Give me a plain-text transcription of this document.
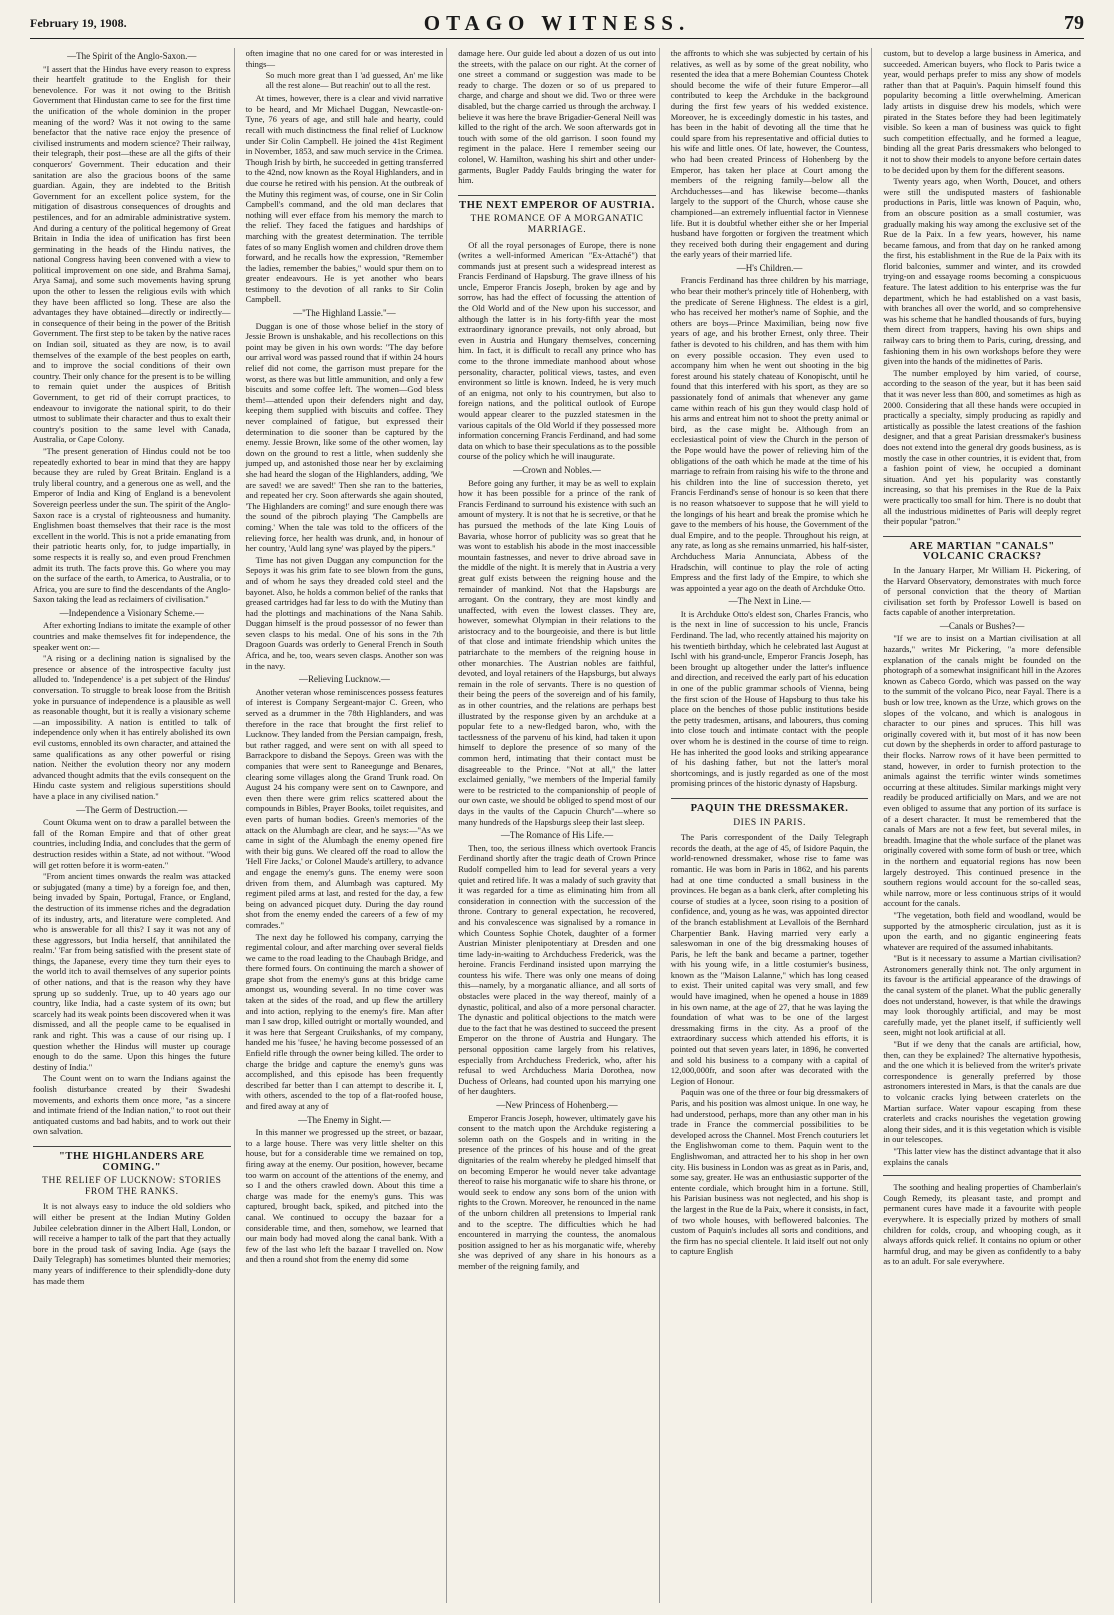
February 19, 1908.	OTAGO WITNESS.	79
—The Spirit of the Anglo-Saxon.—

"I assert that the Hindus have every reason to express their heartfelt gratitude to the English for their benevolence. For was it not owing to the British Government that Hindustan came to see for the first time the unification of the whole dominion in the proper meaning of the word? Was it not owing to the same benefactor that the native race enjoy the presence of civilised instruments and modern science? Their railway, their telegraph, their post—these are all the gifts of their conquerors' Government. Their education and their sanitation are also the gracious boons of the same guardian. Again, they are indebted to the British Government for an excellent police system, for the mitigation of disastrous consequences of droughts and pestilences, and for an admirable administrative system. And during a century of the political hegemony of Great Britain in India the idea of unification has first been germinating in the heads of the Hindu natives, the national Congress having been convened with a view to political improvement on one side, and Brahma Samaj, Arya Samaj, and some such movements having sprung upon the other to lessen the religious evils with which they have been afflicted so long. These are also the advantages they have obtained—directly or indirectly—in consequence of their being in the power of the British Government. The first step to be taken by the native races on Indian soil, situated as they are now, is to avail themselves of the example of the best peoples on earth, and to improve the social conditions of their own country. Their only chance for the present is to be willing to remain quiet under the auspices of British Government, to get rid of their corrupt practices, to endeavour to invigorate the national spirit, to do their utmost to sublimate their character and thus to exalt their country's position to the same level with Canada, Australia, or Cape Colony.

"The present generation of Hindus could not be too repeatedly exhorted to bear in mind that they are happy because they are ruled by Great Britain. England is a truly liberal country, and a generous one as well, and the Emperor of India and King of England is a benevolent Sovereign peerless under the sun. The spirit of the Anglo-Saxon race is a crystal of righteousness and humanity. Englishmen boast themselves that their race is the most excellent in the world. This is not a pride emanating from their patriotic hearts only, for, to judge impartially, in some respects it is really so, and even proud Frenchmen admit its truth. The facts prove this. Go where you may on the surface of the earth, to America, to Australia, or to Africa, you are sure to find the descendants of the Anglo-Saxon taking the lead as reclaimers of civilisation."

—Independence a Visionary Scheme.—

After exhorting Indians to imitate the example of other countries and make themselves fit for independence, the speaker went on:—

"A rising or a declining nation is signalised by the presence or absence of the introspective faculty just alluded to. 'Independence' is a pet subject of the Hindus' conversation. To struggle to break loose from the British yoke in pursuance of independence is a plausible as well as reasonable thought, but it is really a visionary scheme—an impossibility. A nation is entitled to talk of independence only when it has entirely abolished its own evil customs, ennobled its own character, and attained the same qualifications as any other powerful or rising nation. Neither the evolution theory nor any modern advanced thought admits that the evils consequent on the Hindu caste system and religious superstitions should have a place in any civilised nation."

—The Germ of Destruction.—

Count Okuma went on to draw a parallel between the fall of the Roman Empire and that of other great countries, including India, and concludes that the germ of destruction resides within a State, ad not without. "Wood will get rotten before it is worm-eaten."

"From ancient times onwards the realm was attacked or subjugated (many a time) by a foreign foe, and then, being invaded by Spain, Portugal, France, or England, the destruction of its immense riches and the degradation of its industry, arts, and literature were completed. And who is answerable for all this? I say it was not any of these aggressors, but India herself, that annihilated the realm.' 'Far from being satisfied with the present state of things, the Japanese, every time they turn their eyes to the world itch to avail themselves of any superior points of other nations, and that is the reason why they have sprung up so suddenly. True, up to 40 years ago our country, like India, had a caste system of its own; but scarcely had its weak points been discovered when it was dismissed, and all the people came to be equalised in rank and right. This was a cause of our rising up. I question whether the Hindus will muster up courage enough to do the same. Upon this hinges the future destiny of India."

The Count went on to warn the Indians against the foolish disturbance created by their Swadeshi movements, and exhorts them once more, "as a sincere and intimate friend of the Indian nation," to root out their antiquated customs and bad habits, and to work out their own salvation.

"THE HIGHLANDERS ARE COMING."
THE RELIEF OF LUCKNOW: STORIES FROM THE RANKS.

It is not always easy to induce the old soldiers who will either be present at the Indian Mutiny Golden Jubilee celebration dinner in the Albert Hall, London, or will receive a hamper to talk of the part that they actually bore in the proud task of saving India. Age (says the Daily Telegraph) has sometimes blunted their memories; many years of indifference to their splendidly-done duty has made them

often imagine that no one cared for or was interested in things—

So much more great than I 'ad guessed, An' me like all the rest alone— But reachin' out to all the rest.

At times, however, there is a clear and vivid narrative to be heard, and Mr Michael Duggan, Newcastle-on-Tyne, 76 years of age, and still hale and hearty, could recall with much distinctness the final relief of Lucknow under Sir Colin Campbell. He joined the 41st Regiment in November, 1853, and saw much service in the Crimea. Though Irish by birth, he succeeded in getting transferred to the 42nd, now known as the Royal Highlanders, and in due course he retired with his pension. At the outbreak of the Mutiny this regiment was, of course, one in Sir Colin Campbell's command, and the old man declares that nothing will ever efface from his memory the march to the relief. They faced the fatigues and hardships of marching with the greatest determination. The terrible fates of so many English women and children drove them forward, and he recalls how the expression, "Remember the ladies, remember the babies," would spur them on to greater endeavours. He is yet another who bears testimony to the devotion of all ranks to Sir Colin Campbell.

—"The Highland Lassie."—

Duggan is one of those whose belief in the story of Jessie Brown is unshakable, and his recollections on this point may be given in his own words: "The day before our arrival word was passed round that if within 24 hours relief did not come, the garrison must prepare for the worst, as there was but little ammunition, and only a few biscuits and some coffee left. The women—God bless them!—attended upon their defenders night and day, keeping them supplied with biscuits and coffee. They never complained of fatigue, but expressed their determination to die sooner than be captured by the enemy. Jessie Brown, like some of the other women, lay down on the ground to rest a little, when suddenly she jumped up, and astonished those near her by exclaiming she had heard the slogan of the Highlanders, adding, 'We are saved! we are saved!' Then she ran to the batteries, and repeated her cry. Soon afterwards she again shouted, 'The Highlanders are coming!' and sure enough there was the sound of the pibroch playing 'The Campbells are coming.' When the tale was told to the officers of the relieving force, her health was drunk, and, in honour of her country, 'Auld lang syne' was played by the pipers."

Time has not given Duggan any compunction for the Sepoys it was his grim fate to see blown from the guns, and of whom he says they dreaded cold steel and the bayonet. Also, he holds a common belief of the ranks that greased cartridges had far less to do with the Mutiny than had the plottings and machinations of the Nana Sahib. Duggan himself is the proud possessor of no fewer than seven clasps to his medal. One of his sons in the 7th Dragoon Guards was orderly to General French in South Africa, and he, too, wears seven clasps. Another son was in the navy.

—Relieving Lucknow.—

Another veteran whose reminiscences possess features of interest is Company Sergeant-major C. Green, who served as a drummer in the 78th Highlanders, and was therefore in the race that brought the first relief to Lucknow. They landed from the Persian campaign, fresh, but rather ragged, and were sent on with all speed to Barrackpore to disband the Sepoys. Green was with the companies that were sent to Raneegunge and Benares, clearing some villages along the Grand Trunk road. On August 24 his company were sent on to Cawnpore, and even then there were grim relics scattered about the compounds in Bibles, Prayer Books, toilet requisites, and even parts of human bodies. Green's memories of the attack on the Alumbagh are clear, and he says:—"As we came in sight of the Alumbagh the enemy opened fire with their big guns. We cleared off the road to allow the 'Hell Fire Jacks,' or Colonel Maude's artillery, to advance and engage the enemy's guns. The enemy were soon driven from them, and Alumbagh was captured. My regiment piled arms at last, and rested for the day, a few being on advanced picquet duty. During the day round shot from the enemy ended the careers of a few of my comrades."

The next day he followed his company, carrying the regimental colour, and after marching over several fields we came to the road leading to the Chaubagh Bridge, and there formed fours. On continuing the march a shower of grape shot from the enemy's guns at this bridge came amongst us, wounding several. In no time cover was taken at the sides of the road, and up flew the artillery and into action, replying to the enemy's fire. Man after man I saw drop, killed outright or mortally wounded, and it was here that Sergeant Cruikshanks, of my company, handed me his 'fusee,' he having become possessed of an Enfield rifle through the owner being killed. The order to charge the bridge and capture the enemy's guns was accomplished, and this episode has been frequently described far better than I can attempt to describe it. I, with others, ascended to the top of a flat-roofed house, and fired away at any of

—The Enemy in Sight.—

In this manner we progressed up the street, or bazaar, to a large house. There was very little shelter on this house, but for a considerable time we remained on top, firing away at the enemy. Our position, however, became too warm on account of the attentions of the enemy, and so I and the others crawled down. About this time a charge was made for the enemy's guns. This was captured, brought back, spiked, and pitched into the canal. We continued to occupy the bazaar for a considerable time, and then, somehow, we learned that our main body had moved along the canal bank. With a few of the last who left the bazaar I travelled on. Now and then a round shot from the enemy did some

damage here. Our guide led about a dozen of us out into the streets, with the palace on our right. At the corner of one street a command or suggestion was made to be ready to charge. The dozen or so of us prepared to charge, and charge and shout we did. Two or three were disabled, but the charge carried us through the archway. I believe it was here the brave Brigadier-General Neill was killed to the right of the arch. We soon afterwards got in touch with some of the old garrison. I soon found my regiment in the palace. Here I remember seeing our colonel, W. Hamilton, washing his shirt and other under-garments, Bugler Paddy Faulds bringing the water for him.

THE NEXT EMPEROR OF AUSTRIA.
THE ROMANCE OF A MORGANATIC MARRIAGE.

Of all the royal personages of Europe, there is none (writes a well-informed American "Ex-Attaché") that commands just at present such a widespread interest as Francis Ferdinand of Hapsburg. The grave illness of his uncle, Emperor Francis Joseph, broken by age and by sorrow, has had the effect of focussing the attention of the Old World and of the New upon his successor, and although the latter is in his forty-fifth year the most extraordinary ignorance prevails, not only abroad, but even in Austria and Hungary themselves, concerning him. In fact, it is difficult to recall any prince who has come to the throne immediate manhood about whose personality, character, political views, tastes, and even environment so little is known. Indeed, he is very much of an enigma, not only to his countrymen, but also to foreign nations, and the political outlook of Europe would appear clearer to the puzzled statesmen in the various capitals of the Old World if they possessed more information concerning Francis Ferdinand, and had some data on which to base their speculations as to the possible course of the policy which he will inaugurate.

—Crown and Nobles.—

Before going any further, it may be as well to explain how it has been possible for a prince of the rank of Francis Ferdinand to surround his existence with such an amount of mystery. It is not that he is secretive, or that he has pursued the methods of the late King Louis of Bavaria, whose horror of publicity was so great that he was wont to establish his abode in the most inaccessible mountain fastnesses, and never to drive abroad save in the middle of the night. It is merely that in Austria a very great gulf exists between the reigning house and the remainder of mankind. Not that the Hapsburgs are arrogant. On the contrary, they are most kindly and unaffected, with even the lowest classes. They are, however, somewhat Olympian in their relations to the aristocracy and to the bourgeoisie, and there is but little of that close and intimate friendship which unites the patriarchate to the members of the reigning house in other monarchies. The Austrian nobles are faithful, devoted, and loyal retainers of the Hapsburgs, but always remain in the role of servants. There is no question of their being the peers of the sovereign and of his family, as in other countries, and the relations are perhaps best illustrated by the response given by an archduke at a popular fete to a new-fledged baron, who, with the tactlessness of the parvenu of his kind, had taken it upon himself to deplore the presence of so many of the common herd, intimating that their contact must be disagreeable to the Prince. "Not at all," the latter exclaimed genially, "we members of the Imperial family were to be restricted to the companionship of people of our own caste, we should be obliged to spend most of our days in the vaults of the Capucin Church"—where so many hundreds of the Hapsburgs sleep their last sleep.

—The Romance of His Life.—

Then, too, the serious illness which overtook Francis Ferdinand shortly after the tragic death of Crown Prince Rudolf compelled him to lead for several years a very quiet and retired life. It was a malady of such gravity that it was regarded for a time as eliminating him from all consideration in connection with the succession of the throne. Contrary to general expectation, he recovered, and his convalescence was signalised by a romance in which Countess Sophie Chotek, daughter of a former Austrian Minister plenipotentiary at Dresden and one time lady-in-waiting to Archduchess Frederick, was the heroine. Francis Ferdinand insisted upon marrying the countess his wife. There was only one means of doing this—namely, by a morganatic alliance, and all sorts of obstacles were placed in the way thereof, mainly of a dynastic, political, and also of a more personal character. The dynastic and political objections to the match were due to the fact that he was destined to succeed the present Emperor on the throne of Austria and Hungary. The personal opposition came largely from his relatives, especially from Archduchess Frederick, who, after his refusal to wed Archduchess Maria Dorothea, now Duchess of Orleans, had counted upon his marrying one of her daughters.

—New Princess of Hohenberg.—

Emperor Francis Joseph, however, ultimately gave his consent to the match upon the Archduke registering a solemn oath on the Gospels and in writing in the presence of the princes of his house and of the great dignitaries of the realm whereby he pledged himself that on becoming Emperor he would never take advantage thereof to raise his morganatic wife to share his throne, or would seek to endow any sons born of the union with rights to the Crown. Moreover, he renounced in the name of the unborn children all pretensions to Imperial rank and to the sceptre. The difficulties which he had encountered in marrying the countess, the anomalous position assigned to her as his morganatic wife, whereby she was deprived of any share in his honours as a member of the reigning family, and

the affronts to which she was subjected by certain of his relatives, as well as by some of the great nobility, who resented the idea that a mere Bohemian Countess Chotek should become the wife of their future Emperor—all contributed to keep the Archduke in the background during the first few years of his wedded existence. Moreover, he is exceedingly domestic in his tastes, and has been in the habit of devoting all the time that he could spare from his representative and official duties to his wife and little ones. Of late, however, the Countess, who had been created Princess of Hohenberg by the Emperor, has taken her place at Court among the members of the reigning family—below all the Archduchesses—and has likewise become—thanks largely to the support of the Church, whose cause she championed—an extremely influential factor in Viennese life. But it is doubtful whether either she or her Imperial husband have forgotten or forgiven the treatment which they received both during their engagement and during the early years of their married life.

—H's Children.—

Francis Ferdinand has three children by his marriage, who bear their mother's princely title of Hohenberg, with the predicate of Serene Highness. The eldest is a girl, who has received her mother's name of Sophie, and the others are boys—Prince Maximilian, being now five years of age, and his brother Ernest, only three. Their father is devoted to his children, and has them with him on every possible occasion. They even used to accompany him when he went out shooting in the big forest around his stately chateau of Konopischt, until he found that this interfered with his sport, as they are so passionately fond of animals that whenever any game came within reach of his gun they would clasp hold of his arms and entreat him not to shoot the pretty animal or bird, as the case might be. Although from an ecclesiastical point of view the Church in the person of the Pope would have the power of relieving him of the obligations of the oath which he made at the time of his marriage to refrain from raising his wife to the throne and his children into the line of succession thereto, yet Francis Ferdinand's sense of honour is so keen that there is no reason whatsoever to suppose that he will yield to the longings of his heart and break the promise which he gave to the members of his house, the Government of the dual Empire, and to the people. Throughout his reign, at any rate, as long as she remains unmarried, his half-sister, Archduchess Maria Annunciata, Abbess of the Hradschin, will continue to play the role of acting Empress and the first lady of the Empire, to which she was appointed a year ago on the death of Archduke Otto.

—The Next in Line.—

It is Archduke Otto's eldest son, Charles Francis, who is the next in line of succession to his uncle, Francis Ferdinand. The lad, who recently attained his majority on his twentieth birthday, which he celebrated last August at Ischl with his grand-uncle, Emperor Francis Joseph, has been brought up altogether under the latter's influence and direction, and received the early part of his education in one of the public grammar schools of Vienna, being the first scion of the House of Hapsburg to thus take his place on the benches of those public institutions beside the petty tradesmen, artisans, and labourers, thus coming into close touch and intimate contact with the people over whom he is destined in the course of time to reign. He has inherited the good looks and striking appearance of his dashing father, but not the latter's moral shortcomings, and is justly regarded as one of the most promising princes of the historic dynasty of Hapsburg.

PAQUIN THE DRESSMAKER.
DIES IN PARIS.

The Paris correspondent of the Daily Telegraph records the death, at the age of 45, of Isidore Paquin, the world-renowned dressmaker, whose rise to fame was romantic. He was born in Paris in 1862, and his parents had at one time conducted a small business in the provinces. He began as a bank clerk, after completing his course of studies at a lycee, soon rising to a position of confidence, and, young as he was, was appointed director of the branch establishment at Levallois of the Bernhard Charpentier Bank. Having married very early a saleswoman in one of the big dressmaking houses of Paris, he left the bank and became a partner, together with his young wife, in a little costumier's business, known as the "Maison Lalanne," which has long ceased to exist. Their united capital was very small, and few would have imagined, when he opened a house in 1889 in his own name, at the age of 27, that he was laying the foundation of what was to be one of the largest dressmaking firms in the city. As a proof of the extraordinary success which attended his efforts, it is pointed out that seven years later, in 1896, he converted and sold his business to a company with a capital of 12,000,000fr, and soon after was decorated with the Legion of Honour.

Paquin was one of the three or four big dressmakers of Paris, and his position was almost unique. In one way, he had understood, perhaps, more than any other man in his trade in France the commercial possibilities to be developed across the Channel. Most French couturiers let the Englishwoman come to them. Paquin went to the Englishwoman, and attracted her to his shop in her own city. His business in London was as great as in Paris, and, some say, greater. He was an enthusiastic supporter of the entente cordiale, which brought him in a fortune. Still, his Parisian business was not neglected, and his shop is the largest in the Rue de la Paix, where it consists, in fact, of two whole houses, with beflowered balconies. The custom of Paquin's includes all sorts and conditions, and the firm has no special clientele. It laid itself out not only to capture English

custom, but to develop a large business in America, and succeeded. American buyers, who flock to Paris twice a year, would perhaps prefer to miss any show of models rather than that at Paquin's. Paquin himself found this popularity becoming a little overwhelming. American lady artists in disguise drew his models, which were pirated in the States before they had been legitimately visible. So keen a man of business was quick to fight such competition effectually, and he formed a league, binding all the great Paris dressmakers who belonged to it not to show their models to anyone before certain dates to be decided upon by them for the different seasons.

Twenty years ago, when Worth, Doucet, and others were still the undisputed masters of fashionable productions in Paris, little was known of Paquin, who, from an obscure position as a small costumier, was gradually making his way among the exclusive set of the Rue de la Paix. In a few years, however, his name became famous, and from that day on he ranked among the first, his establishment in the Rue de la Paix with its florid balconies, summer and winter, and its crowded trying-on and essayage rooms becoming a conspicuous feature. The latest addition to his enterprise was the fur department, which he had established on a vast basis, with branches all over the world, and so comprehensive was his scheme that he handled thousands of furs, buying them direct from trappers, having his own ships and railway cars to bring them to Paris, curing, dressing, and fashioning them in his own workshops before they were given into the hands of the midinettes of Paris.

The number employed by him varied, of course, according to the season of the year, but it has been said that it was never less than 800, and sometimes as high as 2000. Considering that all these hands were occupied in practically a specialty, simply producing as rapidly and artistically as possible the latest creations of the fashion designer, and that a great Parisian dressmaker's business does not extend into the general dry goods business, as is mostly the case in other countries, it is evident that, from a fashion point of view, he occupied a dominant situation. And yet his popularity was constantly increasing, so that his premises in the Rue de la Paix were practically too small for him. There is no doubt that all the industrious midinettes of Paris will deeply regret their popular "patron."

ARE MARTIAN "CANALS" VOLCANIC CRACKS?

In the January Harper, Mr William H. Pickering, of the Harvard Observatory, demonstrates with much force of personal conviction that the theory of Martian civilisation set forth by Professor Lowell is based on facts capable of another interpretation.

—Canals or Bushes?—

"If we are to insist on a Martian civilisation at all hazards," writes Mr Pickering, "a more defensible explanation of the canals might be founded on the photograph of a somewhat insignificant hill in the Azores known as Cabeco Gordo, which was passed on the way to the summit of the volcano Pico, near Fayal. There is a bush or low tree, known as the Urze, which grows on the slopes of the volcano, and which is analogous in character to our pines and spruces. This hill was originally covered with it, but most of it has now been cut down by the shepherds in order to afford pasturage to their flocks. Narrow rows of it have been permitted to stand, however, in order to furnish protection to the animals against the terrific winter winds sometimes occurring at these altitudes. Similar markings might very readily be produced artificially on Mars, and we are not even obliged to assume that any portion of its surface is of a desert character. It must be remembered that the canals of Mars are not a few feet, but several miles, in breadth. Imagine that the whole surface of the planet was originally covered with some form of bush or tree, which in the northern and equatorial regions has now been largely destroyed. This continued presence in the southern regions would account for the so-called seas, while narrow, more or less continuous strips of it would account for the canals.

"The vegetation, both field and woodland, would be supported by the atmospheric circulation, just as it is upon the earth, and no gigantic engineering feats whatever are required of the assumed inhabitants.

"But is it necessary to assume a Martian civilisation? Astronomers generally think not. The only argument in its favour is the artificial appearance of the drawings of the canal system of the planet. What the public generally does not understand, however, is that while the drawings may look thoroughly artificial, and may be most carefully made, yet the planet itself, if sufficiently well seen, might not look artificial at all.

"But if we deny that the canals are artificial, how, then, can they be explained? The alternative hypothesis, and the one which it is believed from the writer's private correspondence is generally preferred by those astronomers interested in Mars, is that the canals are due to volcanic cracks lying between craterlets on the Martian surface. Water vapour escaping from these craterlets and cracks nourishes the vegetation growing along their sides, and it is this vegetation which is visible in our telescopes.

"This latter view has the distinct advantage that it also explains the canals

The soothing and healing properties of Chamberlain's Cough Remedy, its pleasant taste, and prompt and permanent cures have made it a favourite with people everywhere. It is especially prized by mothers of small children for colds, croup, and whooping cough, as it always affords quick relief. It contains no opium or other harmful drug, and may be given as confidently to a baby as to an adult. For sale everywhere.
